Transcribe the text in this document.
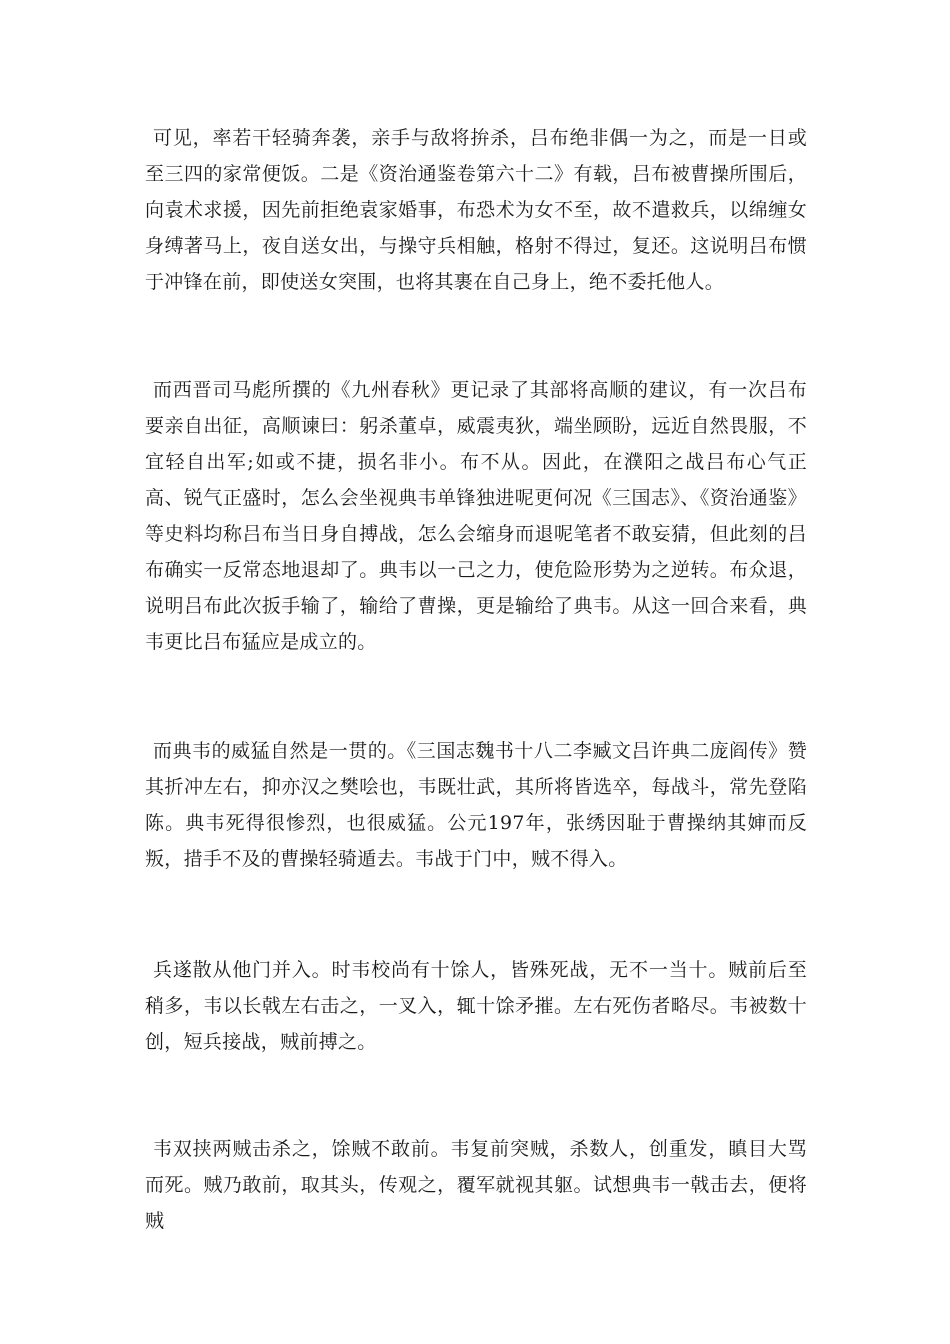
可见，率若干轻骑奔袭，亲手与敌将拚杀，吕布绝非偶一为之，而是一日或至三四的家常便饭。二是《资治通鉴卷第六十二》有载，吕布被曹操所围后，向袁术求援，因先前拒绝袁家婚事，布恐术为女不至，故不遣救兵，以绵缠女身缚著马上，夜自送女出，与操守兵相触，格射不得过，复还。这说明吕布惯于冲锋在前，即使送女突围，也将其裹在自己身上，绝不委托他人。

而西晋司马彪所撰的《九州春秋》更记录了其部将高顺的建议，有一次吕布要亲自出征，高顺谏曰：躬杀董卓，威震夷狄，端坐顾盼，远近自然畏服，不宜轻自出军;如或不捷，损名非小。布不从。因此，在濮阳之战吕布心气正高、锐气正盛时，怎么会坐视典韦单锋独进呢更何况《三国志》、《资治通鉴》等史料均称吕布当日身自搏战，怎么会缩身而退呢笔者不敢妄猜，但此刻的吕布确实一反常态地退却了。典韦以一己之力，使危险形势为之逆转。布众退，说明吕布此次扳手输了，输给了曹操，更是输给了典韦。从这一回合来看，典韦更比吕布猛应是成立的。

而典韦的威猛自然是一贯的。《三国志魏书十八二李臧文吕许典二庞阎传》赞其折冲左右，抑亦汉之樊哙也，韦既壮武，其所将皆选卒，每战斗，常先登陷陈。典韦死得很惨烈，也很威猛。公元197年，张绣因耻于曹操纳其婶而反叛，措手不及的曹操轻骑遁去。韦战于门中，贼不得入。

兵遂散从他门并入。时韦校尚有十馀人，皆殊死战，无不一当十。贼前后至稍多，韦以长戟左右击之，一叉入，辄十馀矛摧。左右死伤者略尽。韦被数十创，短兵接战，贼前搏之。

韦双挟两贼击杀之，馀贼不敢前。韦复前突贼，杀数人，创重发，瞋目大骂而死。贼乃敢前，取其头，传观之，覆军就视其躯。试想典韦一戟击去，便将贼
